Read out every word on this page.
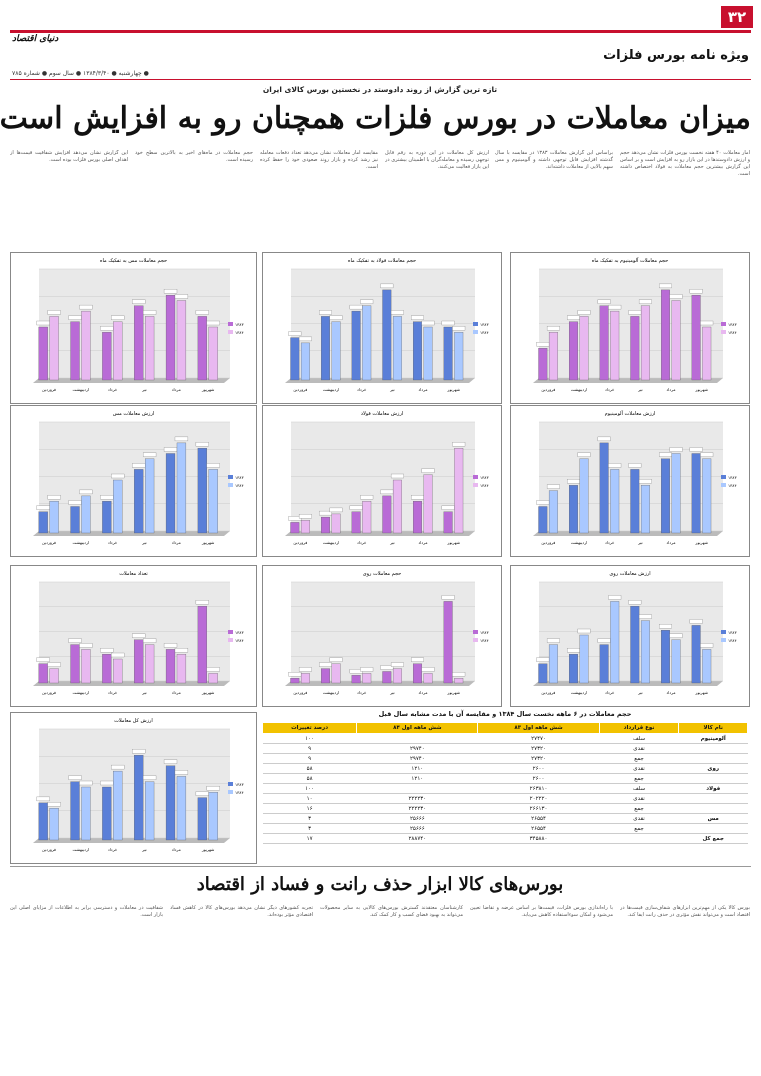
۳۲
دنیای اقتصاد
ویژه نامه بورس فلزات
● چهارشنبه ● ۱۳۸۴/۳/۴۰ ● سال سوم ● شماره ۷۸۵
تازه ترین گزارش از روند دادوستد در نخستین بورس کالای ایران
میزان معاملات در بورس فلزات همچنان رو به افزایش است

آمار معاملات ۴۰ هفته نخست بورس فلزات نشان می‌دهد حجم و ارزش دادوستدها در این بازار رو به افزایش است و بر اساس این گزارش بیشترین حجم معاملات به فولاد اختصاص داشته است.

براساس این گزارش معاملات ۱۳۸۳ در مقایسه با سال گذشته افزایش قابل توجهی داشته و آلومینیوم و مس سهم بالایی از معاملات داشته‌اند.

ارزش کل معاملات در این دوره به رقم قابل توجهی رسیده و معامله‌گران با اطمینان بیشتری در این بازار فعالیت می‌کنند.

مقایسه آمار معاملات نشان می‌دهد تعداد دفعات معامله نیز رشد کرده و بازار روند صعودی خود را حفظ کرده است.

حجم معاملات در ماه‌های اخیر به بالاترین سطح خود رسیده است.

این گزارش نشان می‌دهد افزایش شفافیت قیمت‌ها از اهداف اصلی بورس فلزات بوده است.

حجم معاملات آلومینیوم به تفکیک ماه
فروردین	اردیبهشت	خرداد	تیر	مرداد	شهریور
۱۳۸۳
۱۳۸۴
حجم معاملات فولاد به تفکیک ماه
فروردین	اردیبهشت	خرداد	تیر	مرداد	شهریور
۱۳۸۳
۱۳۸۴
حجم معاملات مس به تفکیک ماه
فروردین	اردیبهشت	خرداد	تیر	مرداد	شهریور
۱۳۸۳
۱۳۸۴
ارزش معاملات آلومینیوم
فروردین	اردیبهشت	خرداد	تیر	مرداد	شهریور
۱۳۸۳
۱۳۸۴
ارزش معاملات فولاد
فروردین	اردیبهشت	خرداد	تیر	مرداد	شهریور
۱۳۸۳
۱۳۸۴
ارزش معاملات مس
فروردین	اردیبهشت	خرداد	تیر	مرداد	شهریور
۱۳۸۳
۱۳۸۴
حجم معاملات روی
فروردین	اردیبهشت	خرداد	تیر	مرداد	شهریور
۱۳۸۳
۱۳۸۴
ارزش معاملات روی
فروردین	اردیبهشت	خرداد	تیر	مرداد	شهریور
۱۳۸۳
۱۳۸۴
تعداد معاملات
فروردین	اردیبهشت	خرداد	تیر	مرداد	شهریور
۱۳۸۳
۱۳۸۴
ارزش کل معاملات
فروردین	اردیبهشت	خرداد	تیر	مرداد	شهریور
۱۳۸۳
۱۳۸۴
حجم معاملات در ۶ ماهه نخست سال ۱۳۸۴ و مقایسه آن با مدت مشابه سال قبل
نام کالا	نوع قرارداد	شش ماهه اول ۸۳	شش ماهه اول ۸۴	درصد تغییرات
آلومینیوم	سلف	۲۷۴۷۰		۱۰۰
	نقدی	۲۷۳۲۰	۲۹۷۴۰	۹
	جمع	۲۷۳۲۰	۲۹۷۴۰	۹
روی	نقدی	۲۶۰۰	۱۲۱۰	۵۸
	جمع	۲۶۰۰	۱۲۱۰	۵۸
فولاد	سلف	۲۶۳۸۱۰		۱۰۰
	نقدی	۲۰۲۲۲۰	۲۲۲۲۳۰	۱۰
	جمع	۲۶۶۱۳۰	۲۲۲۲۳۰	۱۶
مس	نقدی	۲۶۵۵۴	۲۵۶۶۶	۳
	جمع	۲۶۵۵۴	۲۵۶۶۶	۳
جمع کل		۳۴۵۸۸۰	۲۸۸۷۴۰	۱۷
بورس‌های کالا ابزار حذف رانت و فساد از اقتصاد

بورس کالا یکی از مهم‌ترین ابزارهای شفاف‌سازی قیمت‌ها در اقتصاد است و می‌تواند نقش مؤثری در حذف رانت ایفا کند.

با راه‌اندازی بورس فلزات، قیمت‌ها بر اساس عرضه و تقاضا تعیین می‌شود و امکان سوءاستفاده کاهش می‌یابد.

کارشناسان معتقدند گسترش بورس‌های کالایی به سایر محصولات می‌تواند به بهبود فضای کسب و کار کمک کند.

تجربه کشورهای دیگر نشان می‌دهد بورس‌های کالا در کاهش فساد اقتصادی مؤثر بوده‌اند.

شفافیت در معاملات و دسترسی برابر به اطلاعات از مزایای اصلی این بازار است.
